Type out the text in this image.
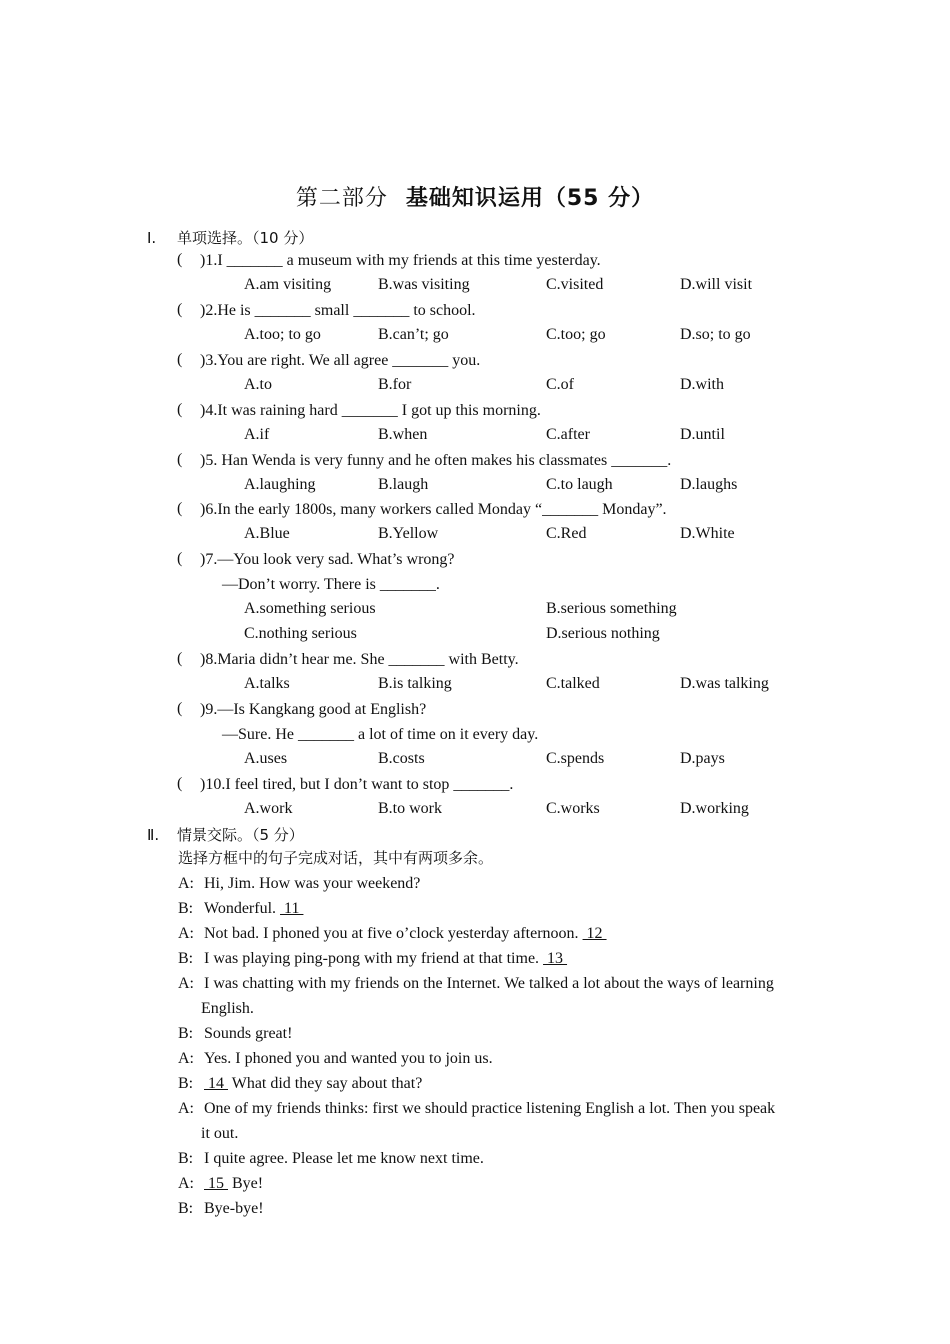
第二部分 基础知识运用（55 分）
Ⅰ. 单项选择。（10 分）
( )1.I _______ a museum with my friends at this time yesterday.
A.am visiting	B.was visiting	C.visited	D.will visit
( )2.He is _______ small _______ to school.
A.too; to go	B.can’t; go	C.too; go	D.so; to go
( )3.You are right. We all agree _______ you.
A.to	B.for	C.of	D.with
( )4.It was raining hard _______ I got up this morning.
A.if	B.when	C.after	D.until
( )5. Han Wenda is very funny and he often makes his classmates _______.
A.laughing	B.laugh	C.to laugh	D.laughs
( )6.In the early 1800s, many workers called Monday “_______ Monday”.
A.Blue	B.Yellow	C.Red	D.White
( )7.—You look very sad. What’s wrong?
—Don’t worry. There is _______.
A.something serious	B.serious something
C.nothing serious	D.serious nothing
( )8.Maria didn’t hear me. She _______ with Betty.
A.talks	B.is talking	C.talked	D.was talking
( )9.—Is Kangkang good at English?
—Sure. He _______ a lot of time on it every day.
A.uses	B.costs	C.spends	D.pays
( )10.I feel tired, but I don’t want to stop _______.
A.work	B.to work	C.works	D.working
Ⅱ. 情景交际。（5 分）
选择方框中的句子完成对话，其中有两项多余。
A: Hi, Jim. How was your weekend?
B: Wonderful.  11
A: Not bad. I phoned you at five o’clock yesterday afternoon.  12
B: I was playing ping-pong with my friend at that time.  13
A: I was chatting with my friends on the Internet. We talked a lot about the ways of learning
English.
B: Sounds great!
A: Yes. I phoned you and wanted you to join us.
B: 14  What did they say about that?
A: One of my friends thinks: first we should practice listening English a lot. Then you speak
it out.
B: I quite agree. Please let me know next time.
A: 15  Bye!
B: Bye-bye!
